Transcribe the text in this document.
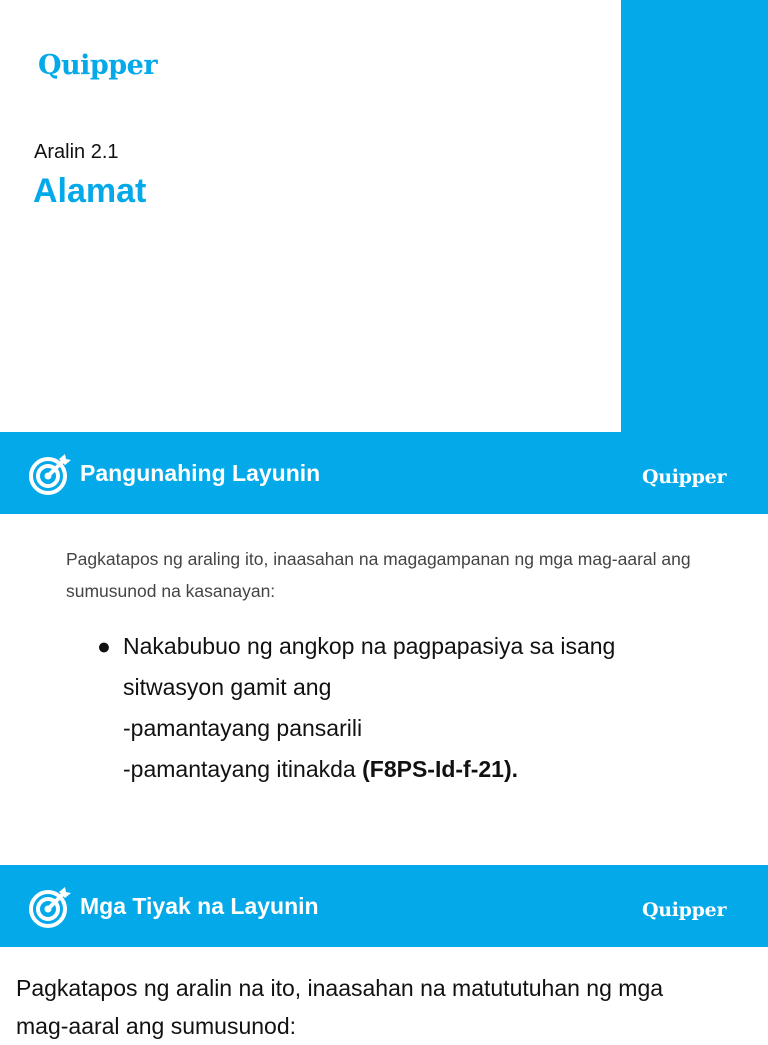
Quipper
Aralin 2.1
Alamat
Pangunahing Layunin	Quipper
Pagkatapos ng araling ito, inaasahan na magagampanan ng mga mag-aaral ang sumusunod na kasanayan:
● Nakabubuo ng angkop na pagpapasiya sa isang
sitwasyon gamit ang
-pamantayang pansarili
-pamantayang itinakda (F8PS-Id-f-21).
Mga Tiyak na Layunin	Quipper
Pagkatapos ng aralin na ito, inaasahan na matututuhan ng mga mag-aaral ang sumusunod:
